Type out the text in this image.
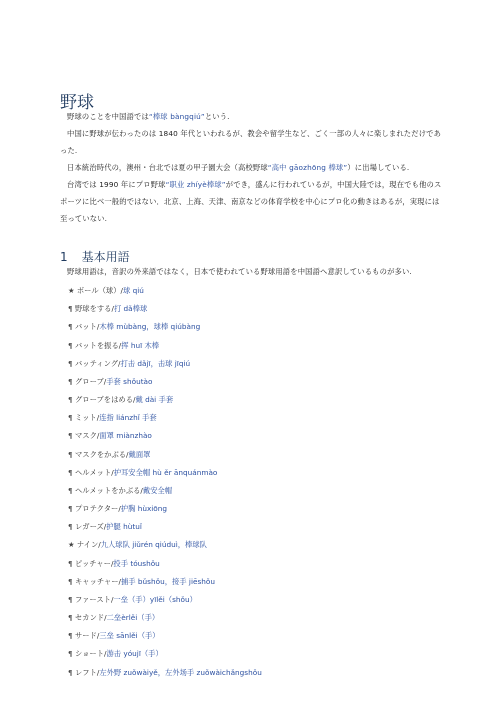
野球
野球のことを中国語では“棒球 bàngqiú”という.
中国に野球が伝わったのは 1840 年代といわれるが、教会や留学生など、ごく一部の人々に楽しまれただけであった.
日本統治時代の，澳州・台北では夏の甲子園大会（高校野球“高中 gāozhōng 棒球”）に出場している.
台湾では 1990 年にプロ野球“职业 zhíyè棒球”ができ，盛んに行われているが，中国大陸では，現在でも他のスポーツに比べ一般的ではない．北京、上海、天津、南京などの体育学校を中心にプロ化の動きはあるが，実現には至っていない.
1 基本用語
野球用語は，音訳の外来語ではなく，日本で使われている野球用語を中国語へ意訳しているものが多い.
★ ボール（球）/球 qiú
¶ 野球をする/打 dǎ棒球
¶ バット/木棒 mùbàng，球棒 qiúbàng
¶ バットを振る/挥 huī 木棒
¶ バッティング/打击 dǎjī，击球 jīqiú
¶ グローブ/手套 shǒutào
¶ グローブをはめる/戴 dài 手套
¶ ミット/连指 liánzhǐ 手套
¶ マスク/面罩 miànzhào
¶ マスクをかぶる/戴面罩
¶ ヘルメット/护耳安全帽 hù ěr ānquánmào
¶ ヘルメットをかぶる/戴安全帽
¶ プロテクター/护胸 hùxiōng
¶ レガーズ/护腿 hùtuǐ
★ ナイン/九人球队 jiǔrén qiúduì，棒球队
¶ ピッチャー/投手 tóushǒu
¶ キャッチャー/捕手 bǔshǒu，接手 jiēshǒu
¶ ファースト/一垒（手）yīlěi（shǒu）
¶ セカンド/二垒èrlěi（手）
¶ サード/三垒 sānlěi（手）
¶ ショート/游击 yóujī（手）
¶ レフト/左外野 zuǒwàiyě，左外场手 zuǒwàichǎngshǒu
